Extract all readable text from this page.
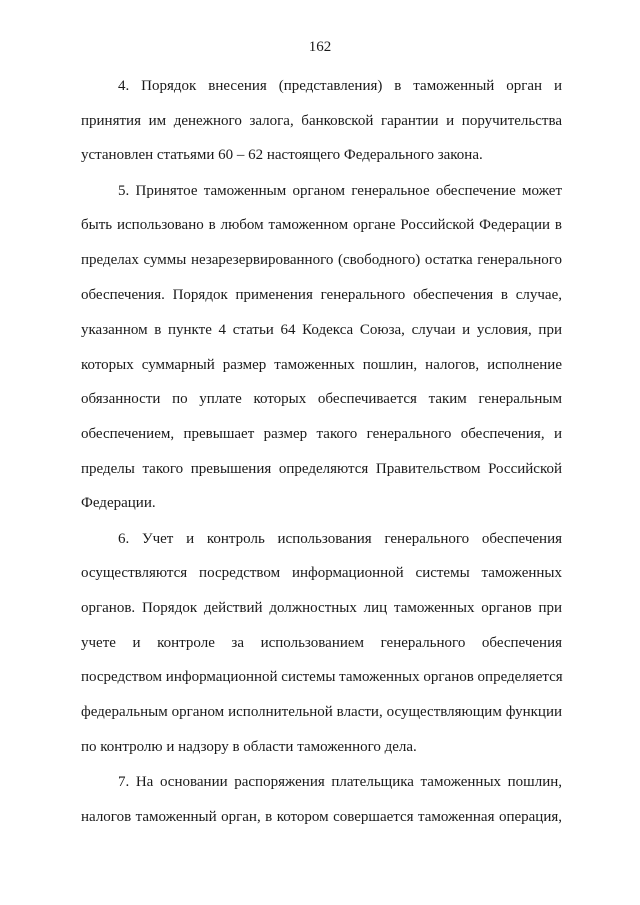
162
4. Порядок внесения (представления) в таможенный орган и
принятия им денежного залога, банковской гарантии и поручительства
установлен статьями 60 – 62 настоящего Федерального закона.
5. Принятое таможенным органом генеральное обеспечение может
быть использовано в любом таможенном органе Российской Федерации в
пределах суммы незарезервированного (свободного) остатка генерального
обеспечения. Порядок применения генерального обеспечения в случае,
указанном в пункте 4 статьи 64 Кодекса Союза, случаи и условия, при
которых суммарный размер таможенных пошлин, налогов, исполнение
обязанности по уплате которых обеспечивается таким генеральным
обеспечением, превышает размер такого генерального обеспечения, и
пределы такого превышения определяются Правительством Российской
Федерации.
6. Учет и контроль использования генерального обеспечения
осуществляются посредством информационной системы таможенных
органов. Порядок действий должностных лиц таможенных органов при
учете и контроле за использованием генерального обеспечения
посредством информационной системы таможенных органов определяется
федеральным органом исполнительной власти, осуществляющим функции
по контролю и надзору в области таможенного дела.
7. На основании распоряжения плательщика таможенных пошлин,
налогов таможенный орган, в котором совершается таможенная операция,
